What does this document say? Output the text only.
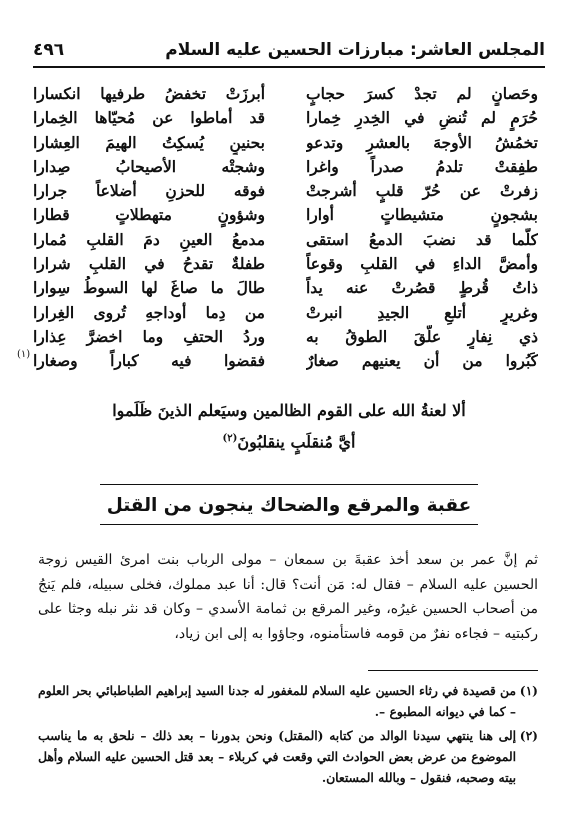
المجلس العاشر: مبارزات الحسين عليه السلام
٤٩٦
وحَصانٍ لم تجدْ كسرَ حجابٍ
أبرزَتْ تخفضُ طرفيها انكسارا
حُرَمٍ لم تُنضِ في الخِدرِ خِمارا
قد أماطوا عن مُحيّاها الخِمارا
تخمُشُ الأوجهَ بالعشرِ وتدعو
بحنينٍ يُسكِتُ الهيمَ العِشارا
طفِقتْ تلدمُ صدراً واغرا
وشجتْه الأصيحابُ صِدارا
زفرتْ عن حُرّ قلبٍ أشرجتْ
فوقه للحزنِ أضلاعاً جرارا
بشجونٍ متشيطاتٍ أوارا
وشؤونٍ متهطلاتٍ قطارا
كلّما قد نضبَ الدمعُ استقى
مدمعُ العينِ دمَ القلبِ مُمارا
وأمضَّ الداءِ في القلبِ وقوعاً
طفلةٌ تقدحُ في القلبِ شرارا
ذاتُ قُرطٍ قصُرتْ عنه يداً
طالَ ما صاغَ لها السوطُ سِوارا
وغريرٍ أتلعِ الجيدِ انبرتْ
من دِما أوداجهِ تُروى الغِرارا
ذي نِفارٍ علّقَ الطوقُ به
وردُ الحتفِ وما اخضرَّ عِذارا
كَبُروا من أن يعنيهم صغارٌ
فقضوا فيه كباراً وصغارا
(١)
ألا لعنةُ الله على القوم الظالمين وسيَعلم الذينَ ظَلَموا
أيَّ مُنقلَبٍ ينقلبُونَ$^{(٢)}$
عقبة والمرقع والضحاك ينجون من القتل

ثم إنَّ عمر بن سعد أخذ عقبةَ بن سمعان – مولى الرباب بنت امرئ القيس زوجة الحسين عليه السلام – فقال له: مَن أنت؟ قال: أنا عبد مملوك، فخلى سبيله، فلم يَنجُ من أصحاب الحسين غيرُه، وغير المرقع بن ثمامة الأسدي – وكان قد نثر نبله وجثا على ركبتيه – فجاءه نفرٌ من قومه فاستأمنوه، وجاؤوا به إلى ابن زياد،

(١)
من قصيدة في رثاء الحسين عليه السلام للمغفور له جدنا السيد إبراهيم الطباطبائي بحر العلوم – كما في ديوانه المطبوع –.
(٢)
إلى هنا ينتهي سيدنا الوالد من كتابه (المقتل) ونحن بدورنا – بعد ذلك – نلحق به ما يناسب الموضوع من عرض بعض الحوادث التي وقعت في كربلاء – بعد قتل الحسين عليه السلام وأهل بيته وصحبه، فنقول – وبالله المستعان.
